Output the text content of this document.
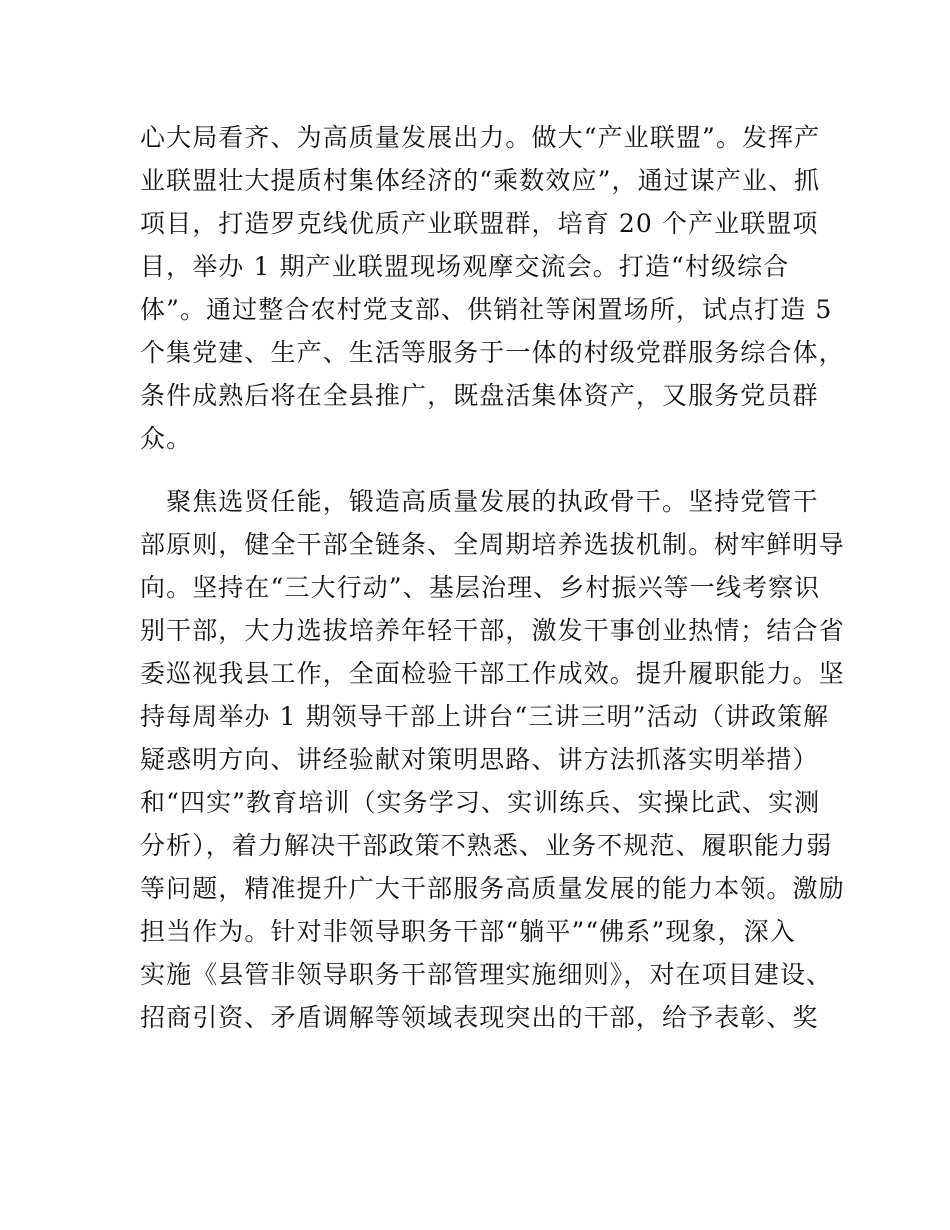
心大局看齐、为高质量发展出力。做大“产业联盟”。发挥产
业联盟壮大提质村集体经济的“乘数效应”，通过谋产业、抓
项目，打造罗克线优质产业联盟群，培育 20 个产业联盟项
目，举办 1 期产业联盟现场观摩交流会。打造“村级综合
体”。通过整合农村党支部、供销社等闲置场所，试点打造 5
个集党建、生产、生活等服务于一体的村级党群服务综合体，
条件成熟后将在全县推广，既盘活集体资产，又服务党员群
众。
　聚焦选贤任能，锻造高质量发展的执政骨干。坚持党管干
部原则，健全干部全链条、全周期培养选拔机制。树牢鲜明导
向。坚持在“三大行动”、基层治理、乡村振兴等一线考察识
别干部，大力选拔培养年轻干部，激发干事创业热情；结合省
委巡视我县工作，全面检验干部工作成效。提升履职能力。坚
持每周举办 1 期领导干部上讲台“三讲三明”活动（讲政策解
疑惑明方向、讲经验献对策明思路、讲方法抓落实明举措）
和“四实”教育培训（实务学习、实训练兵、实操比武、实测
分析），着力解决干部政策不熟悉、业务不规范、履职能力弱
等问题，精准提升广大干部服务高质量发展的能力本领。激励
担当作为。针对非领导职务干部“躺平”“佛系”现象，深入
实施《县管非领导职务干部管理实施细则》，对在项目建设、
招商引资、矛盾调解等领域表现突出的干部，给予表彰、奖
